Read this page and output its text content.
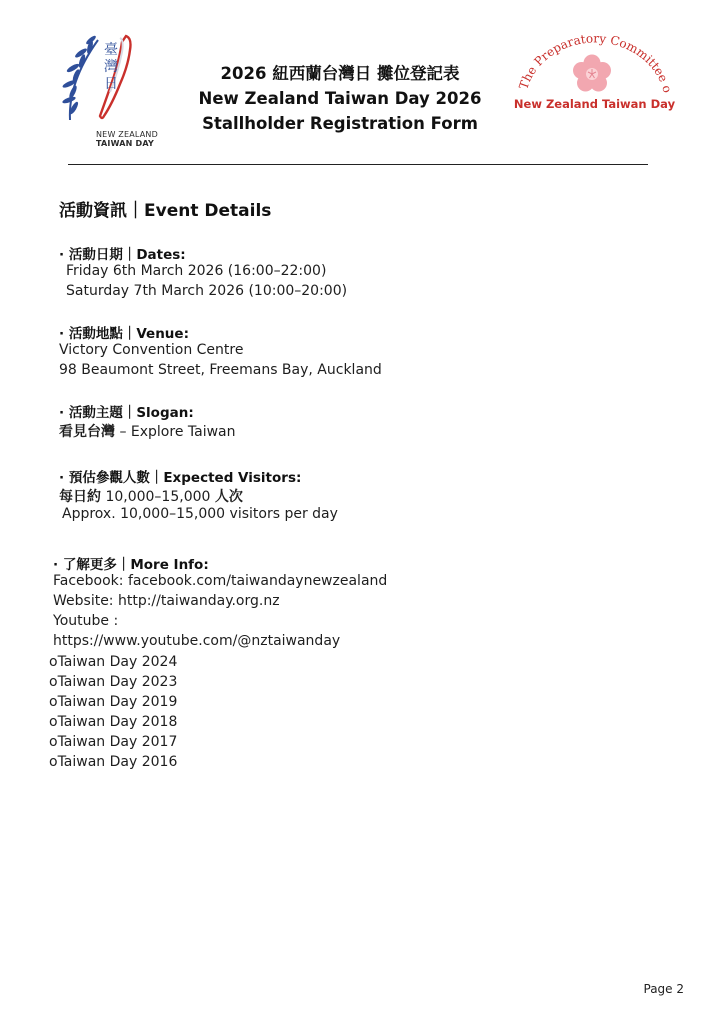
臺灣日
NEW ZEALAND
TAIWAN DAY
2026 紐西蘭台灣日 攤位登記表
New Zealand Taiwan Day 2026
Stallholder Registration Form
The Preparatory Committee o
New Zealand Taiwan Day
活動資訊｜Event Details
· 活動日期｜Dates:
Friday 6th March 2026 (16:00–22:00)
Saturday 7th March 2026 (10:00–20:00)
· 活動地點｜Venue:
Victory Convention Centre
98 Beaumont Street, Freemans Bay, Auckland
· 活動主題｜Slogan:
看見台灣 – Explore Taiwan
· 預估參觀人數｜Expected Visitors:
每日約 10,000–15,000 人次
Approx. 10,000–15,000 visitors per day
· 了解更多｜More Info:
Facebook: facebook.com/taiwandaynewzealand
Website: http://taiwanday.org.nz
Youtube :
https://www.youtube.com/@nztaiwanday
oTaiwan Day 2024
oTaiwan Day 2023
oTaiwan Day 2019
oTaiwan Day 2018
oTaiwan Day 2017
oTaiwan Day 2016
Page 2
